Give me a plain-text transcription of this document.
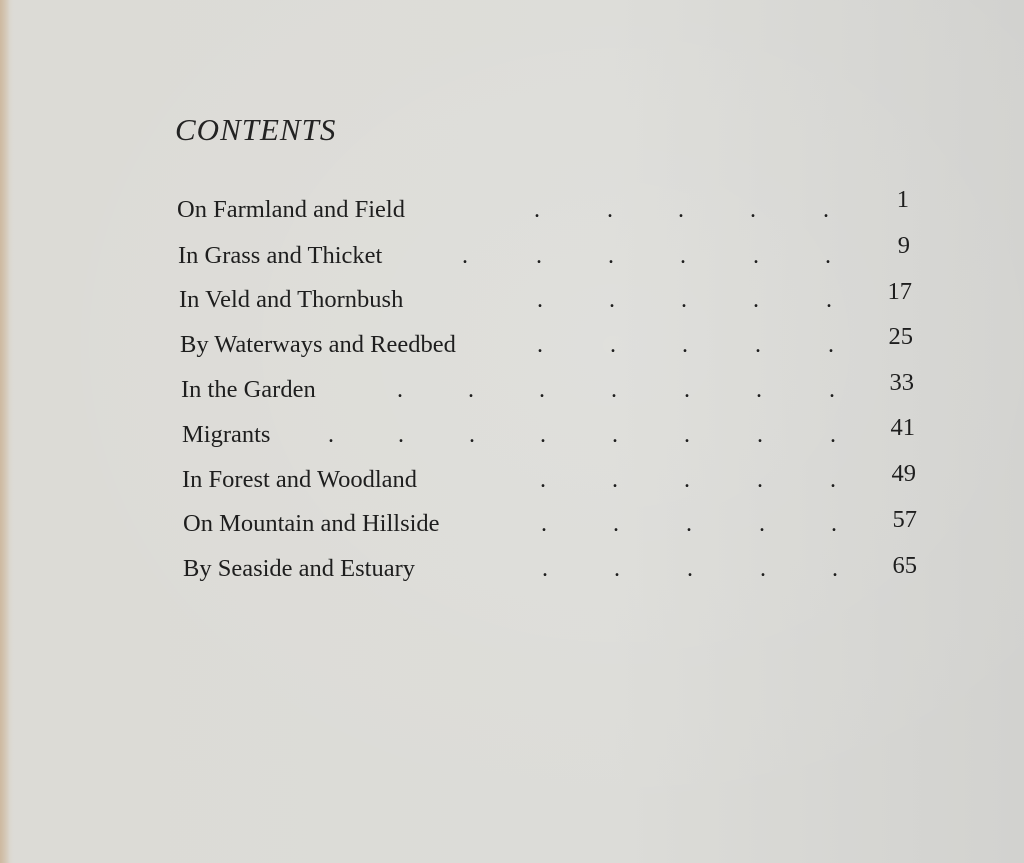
CONTENTS
On Farmland and Field	.	.	.	.	.	1
In Grass and Thicket	.	.	.	.	.	.	9
In Veld and Thornbush	.	.	.	.	.	17
By Waterways and Reedbed	.	.	.	.	.	25
In the Garden	.	.	.	.	.	.	.	33
Migrants .	.	.	.	.	.	.	.	41
In Forest and Woodland	.	.	.	.	.	49
On Mountain and Hillside	.	.	.	.	.	57
By Seaside and Estuary	.	.	.	.	.	65
